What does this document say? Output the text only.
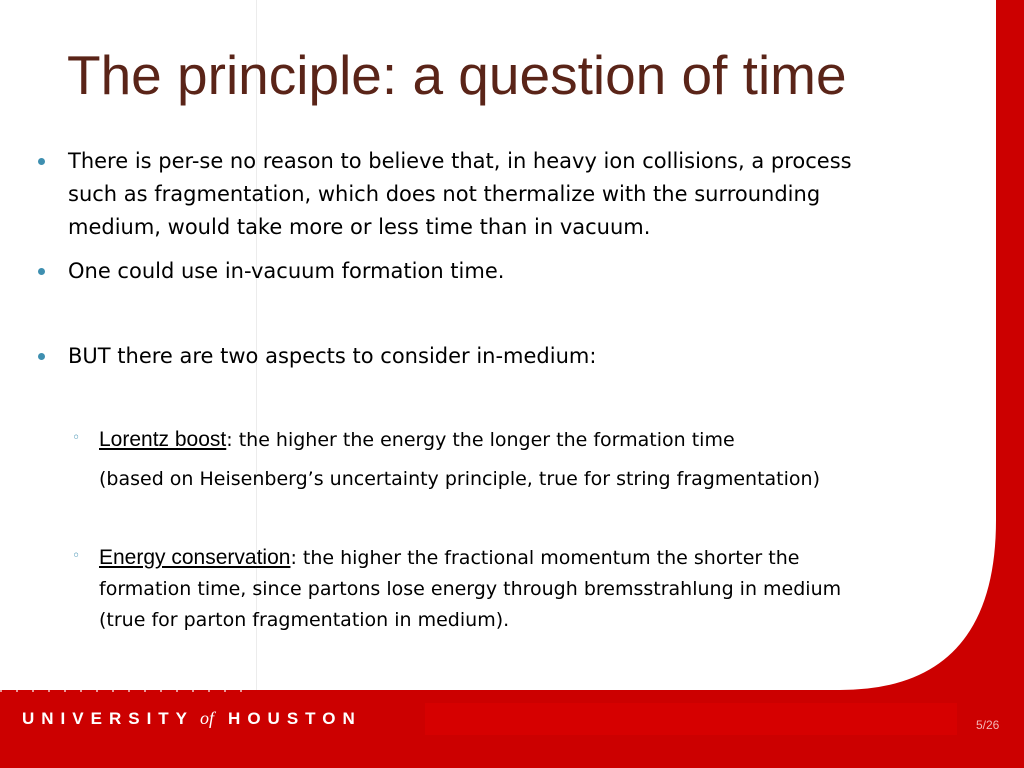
The principle: a question of time
There is per-se no reason to believe that, in heavy ion collisions, a process
such as fragmentation, which does not thermalize with the surrounding
medium, would take more or less time than in vacuum.
One could use in-vacuum formation time.
BUT there are two aspects to consider in-medium:
◦ Lorentz boost: the higher the energy the longer the formation time
(based on Heisenberg’s uncertainty principle, true for string fragmentation)
◦ Energy conservation: the higher the fractional momentum the shorter the
formation time, since partons lose energy through bremsstrahlung in medium
(true for parton fragmentation in medium).
UNIVERSITY of HOUSTON	5/26
